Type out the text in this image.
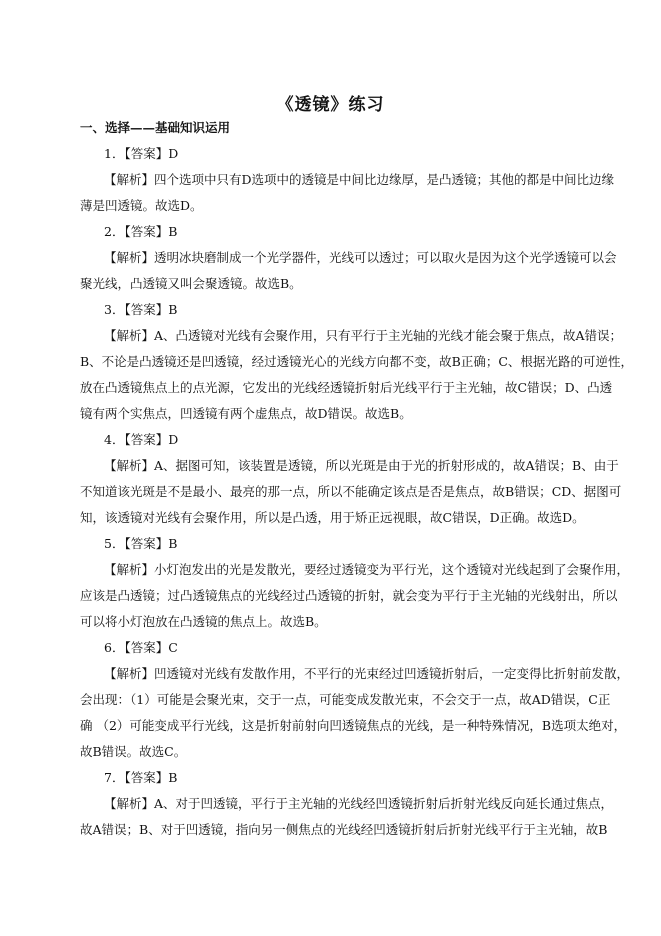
《透镜》练习
一、选择——基础知识运用
1．【答案】D
【解析】四个选项中只有D选项中的透镜是中间比边缘厚，是凸透镜；其他的都是中间比边缘
薄是凹透镜。故选D。
2．【答案】B
【解析】透明冰块磨制成一个光学器件，光线可以透过；可以取火是因为这个光学透镜可以会
聚光线，凸透镜又叫会聚透镜。故选B。
3．【答案】B
【解析】A、凸透镜对光线有会聚作用，只有平行于主光轴的光线才能会聚于焦点，故A错误；
B、不论是凸透镜还是凹透镜，经过透镜光心的光线方向都不变，故B正确；C、根据光路的可逆性，
放在凸透镜焦点上的点光源，它发出的光线经透镜折射后光线平行于主光轴，故C错误；D、凸透
镜有两个实焦点，凹透镜有两个虚焦点，故D错误。故选B。
4．【答案】D
【解析】A、据图可知，该装置是透镜，所以光斑是由于光的折射形成的，故A错误；B、由于
不知道该光斑是不是最小、最亮的那一点，所以不能确定该点是否是焦点，故B错误；CD、据图可
知，该透镜对光线有会聚作用，所以是凸透，用于矫正远视眼，故C错误，D正确。故选D。
5．【答案】B
【解析】小灯泡发出的光是发散光，要经过透镜变为平行光，这个透镜对光线起到了会聚作用，
应该是凸透镜；过凸透镜焦点的光线经过凸透镜的折射，就会变为平行于主光轴的光线射出，所以
可以将小灯泡放在凸透镜的焦点上。故选B。
6．【答案】C
【解析】凹透镜对光线有发散作用，不平行的光束经过凹透镜折射后，一定变得比折射前发散，
会出现：（1）可能是会聚光束，交于一点，可能变成发散光束，不会交于一点，故AD错误，C正
确 （2）可能变成平行光线，这是折射前射向凹透镜焦点的光线，是一种特殊情况，B选项太绝对，
故B错误。故选C。
7．【答案】B
【解析】A、对于凹透镜，平行于主光轴的光线经凹透镜折射后折射光线反向延长通过焦点，
故A错误；B、对于凹透镜，指向另一侧焦点的光线经凹透镜折射后折射光线平行于主光轴，故B
